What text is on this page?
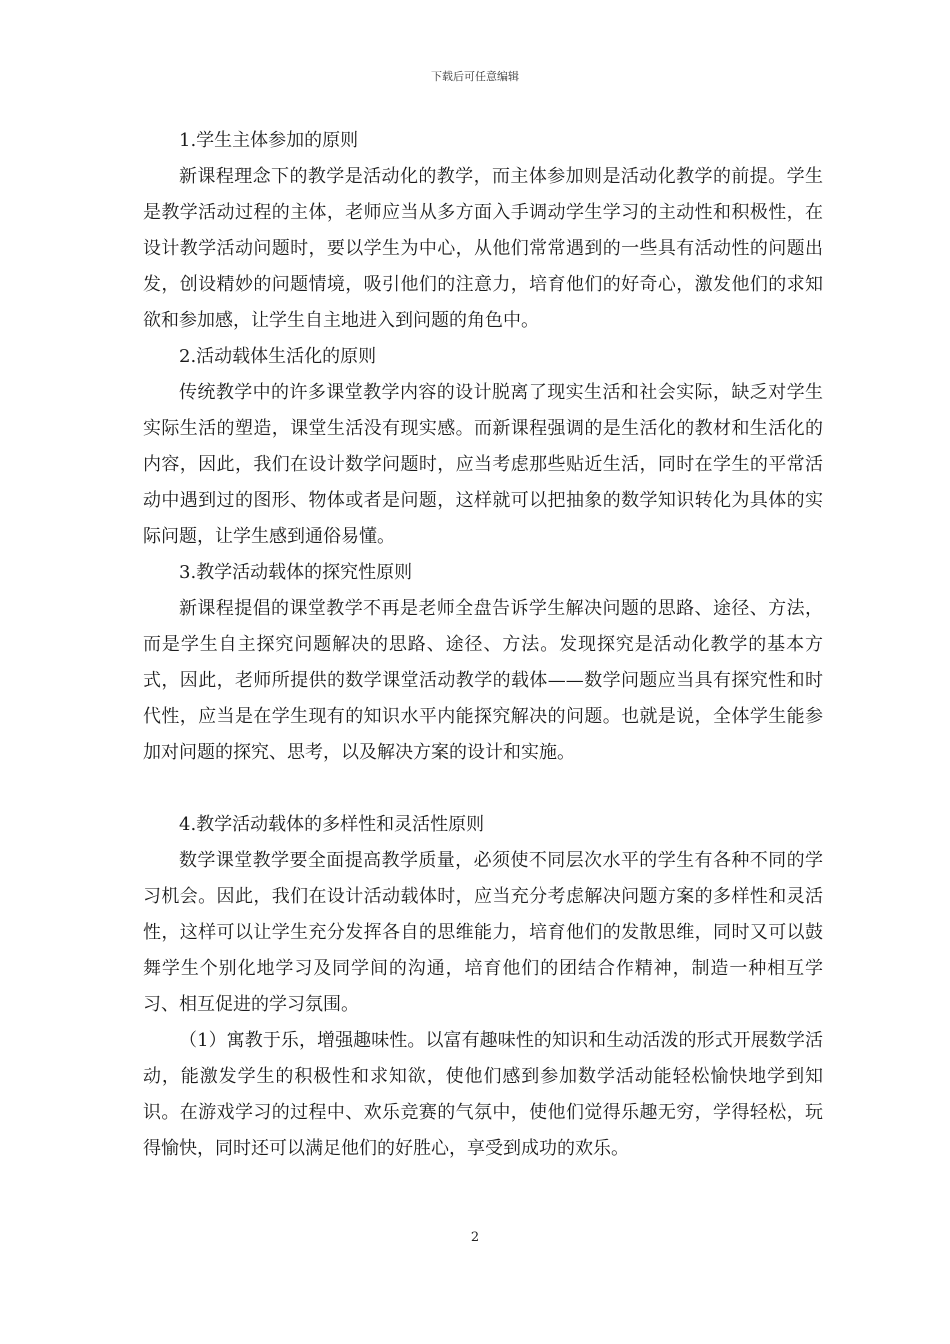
下载后可任意编辑

1.学生主体参加的原则

新课程理念下的教学是活动化的教学，而主体参加则是活动化教学的前提。学生是教学活动过程的主体，老师应当从多方面入手调动学生学习的主动性和积极性，在设计教学活动问题时，要以学生为中心，从他们常常遇到的一些具有活动性的问题出发，创设精妙的问题情境，吸引他们的注意力，培育他们的好奇心，激发他们的求知欲和参加感，让学生自主地进入到问题的角色中。

2.活动载体生活化的原则

传统教学中的许多课堂教学内容的设计脱离了现实生活和社会实际，缺乏对学生实际生活的塑造，课堂生活没有现实感。而新课程强调的是生活化的教材和生活化的内容，因此，我们在设计数学问题时，应当考虑那些贴近生活，同时在学生的平常活动中遇到过的图形、物体或者是问题，这样就可以把抽象的数学知识转化为具体的实际问题，让学生感到通俗易懂。

3.教学活动载体的探究性原则

新课程提倡的课堂教学不再是老师全盘告诉学生解决问题的思路、途径、方法，而是学生自主探究问题解决的思路、途径、方法。发现探究是活动化教学的基本方式，因此，老师所提供的数学课堂活动教学的载体——数学问题应当具有探究性和时代性，应当是在学生现有的知识水平内能探究解决的问题。也就是说，全体学生能参加对问题的探究、思考，以及解决方案的设计和实施。

4.教学活动载体的多样性和灵活性原则

数学课堂教学要全面提高教学质量，必须使不同层次水平的学生有各种不同的学习机会。因此，我们在设计活动载体时，应当充分考虑解决问题方案的多样性和灵活性，这样可以让学生充分发挥各自的思维能力，培育他们的发散思维，同时又可以鼓舞学生个别化地学习及同学间的沟通，培育他们的团结合作精神，制造一种相互学习、相互促进的学习氛围。

（1）寓教于乐，增强趣味性。以富有趣味性的知识和生动活泼的形式开展数学活动，能激发学生的积极性和求知欲，使他们感到参加数学活动能轻松愉快地学到知识。在游戏学习的过程中、欢乐竞赛的气氛中，使他们觉得乐趣无穷，学得轻松，玩得愉快，同时还可以满足他们的好胜心，享受到成功的欢乐。

2
